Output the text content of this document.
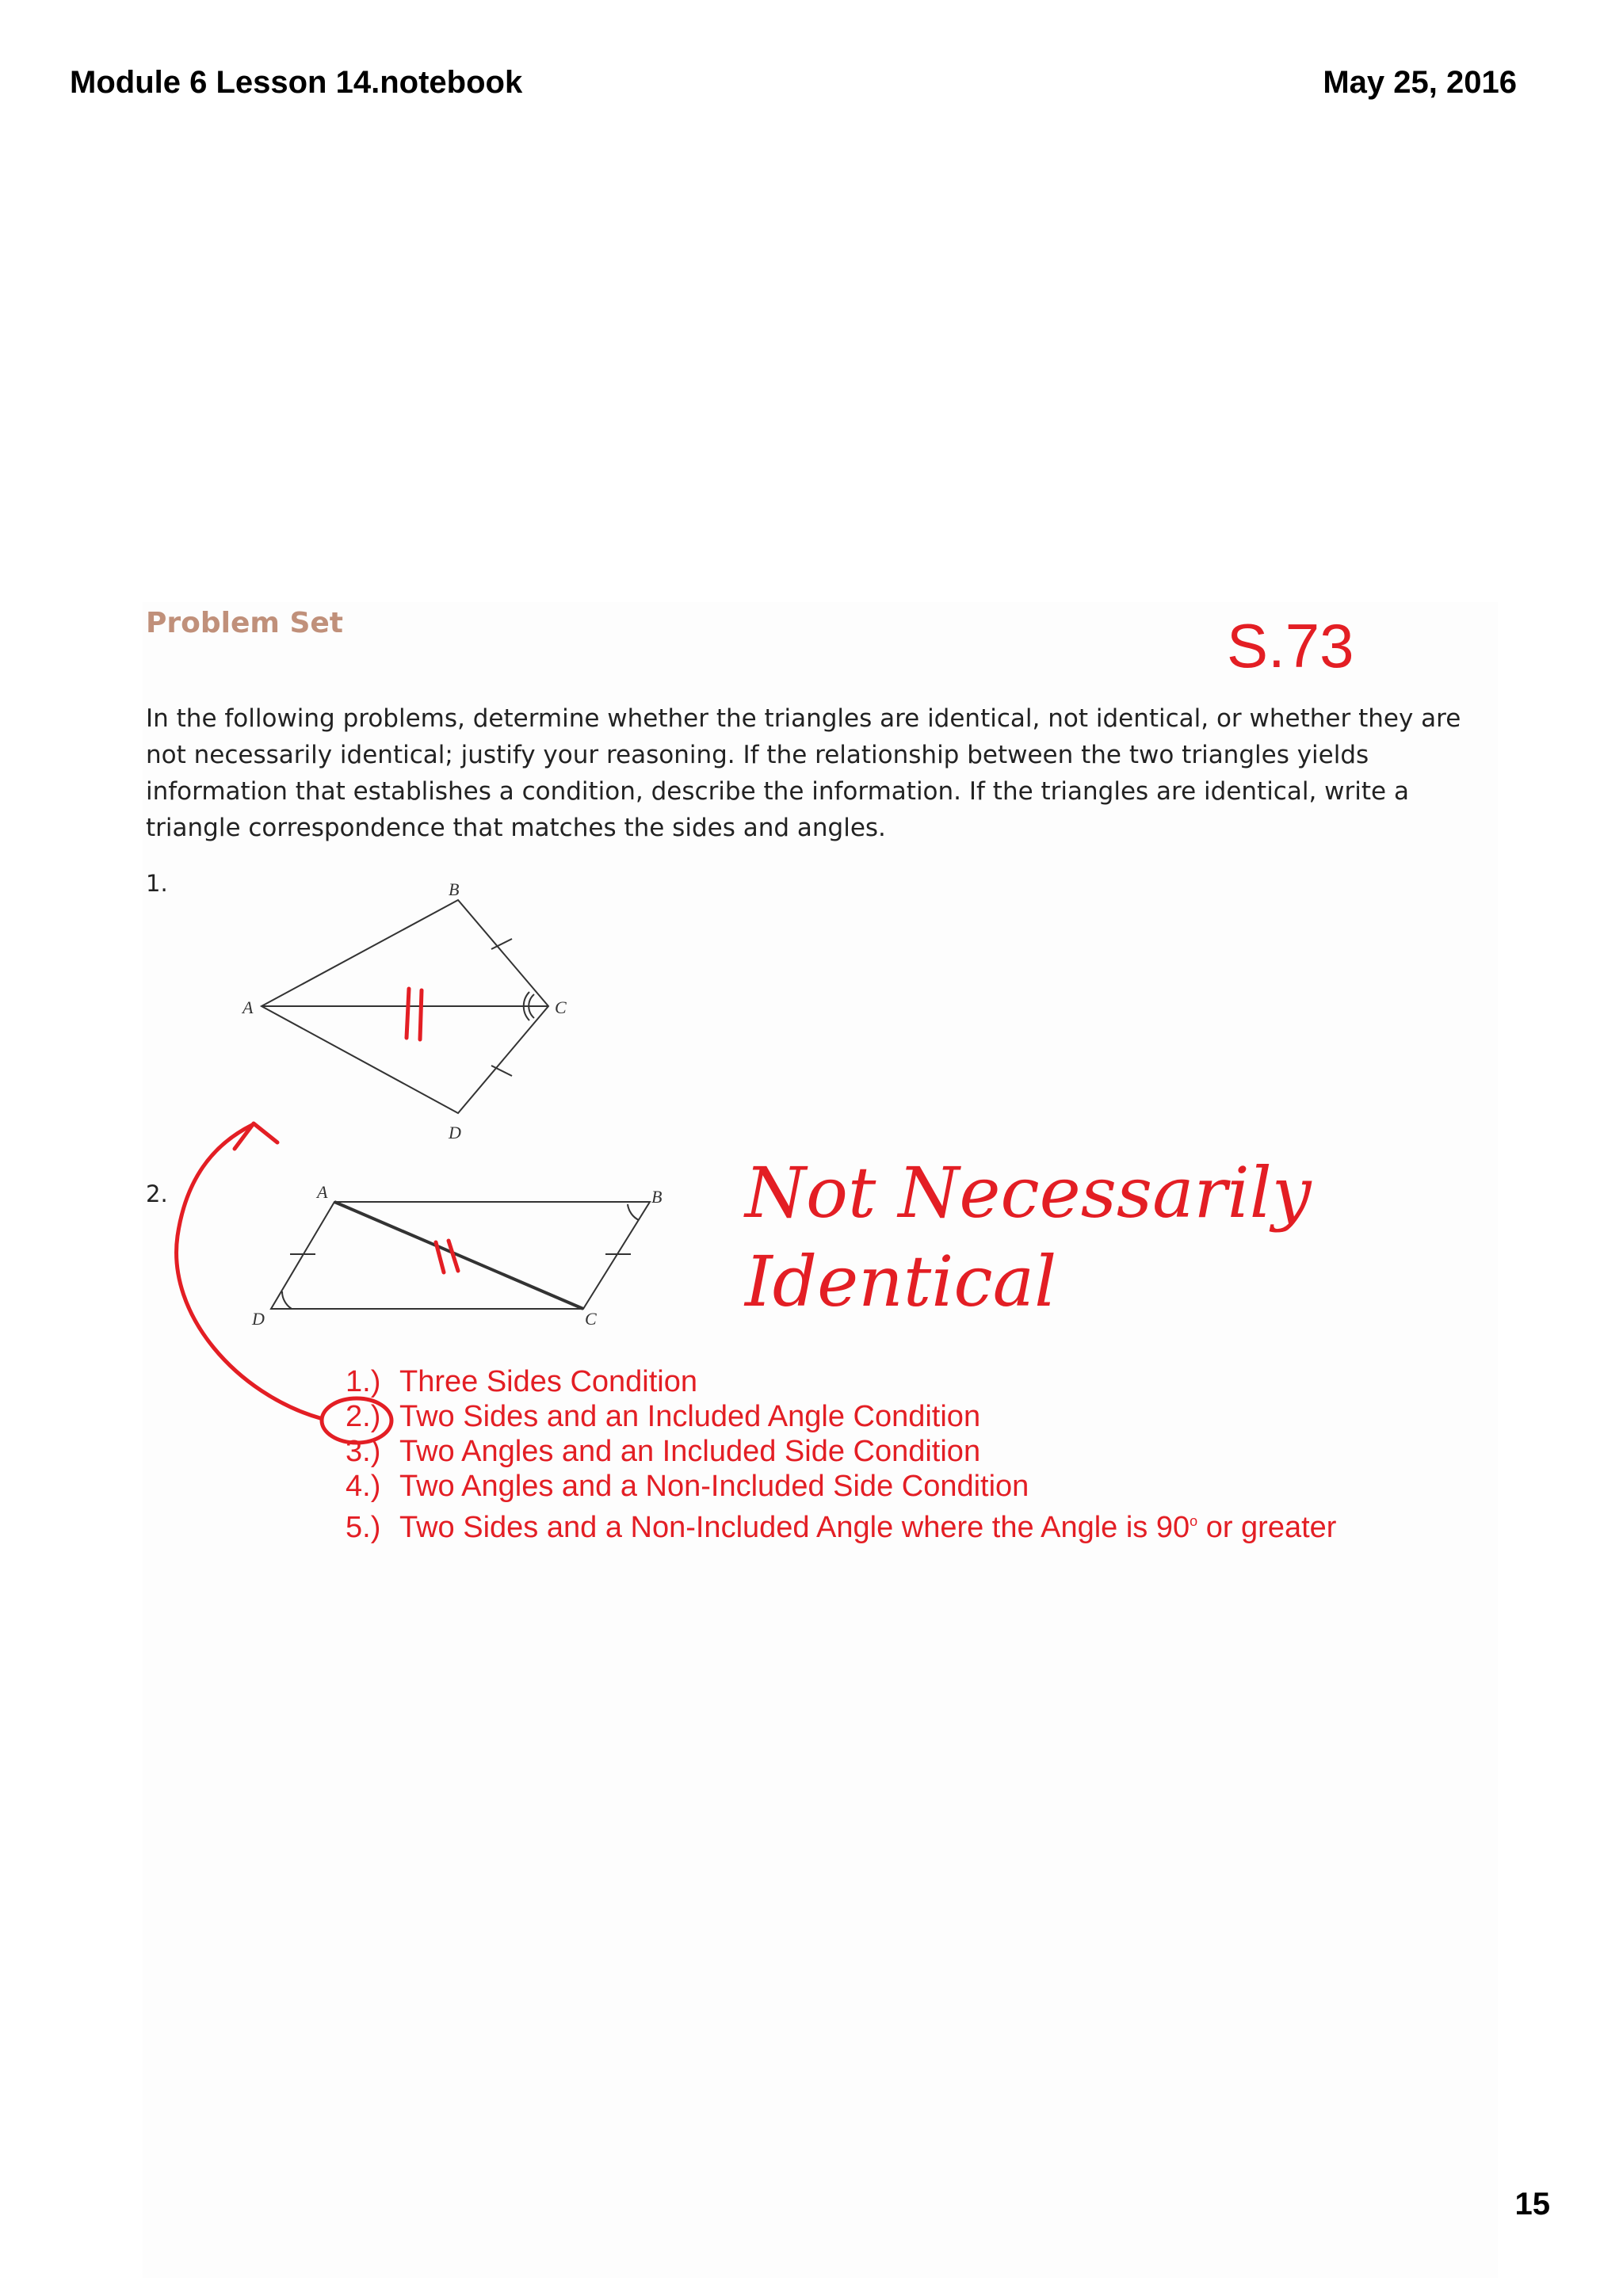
Module 6 Lesson 14.notebook	May 25, 2016
Problem Set	S.73
In the following problems, determine whether the triangles are identical, not identical, or whether they are not necessarily identical; justify your reasoning. If the relationship between the two triangles yields information that establishes a condition, describe the information. If the triangles are identical, write a triangle correspondence that matches the sides and angles.
1.
2.
A
B
C
D
A	B
C
D
Not Necessarily Identical
1.) Three Sides Condition
2.) Two Sides and an Included Angle Condition
3.) Two Angles and an Included Side Condition
4.) Two Angles and a Non-Included Side Condition
5.) Two Sides and a Non-Included Angle where the Angle is 90$^o$ or greater
15
